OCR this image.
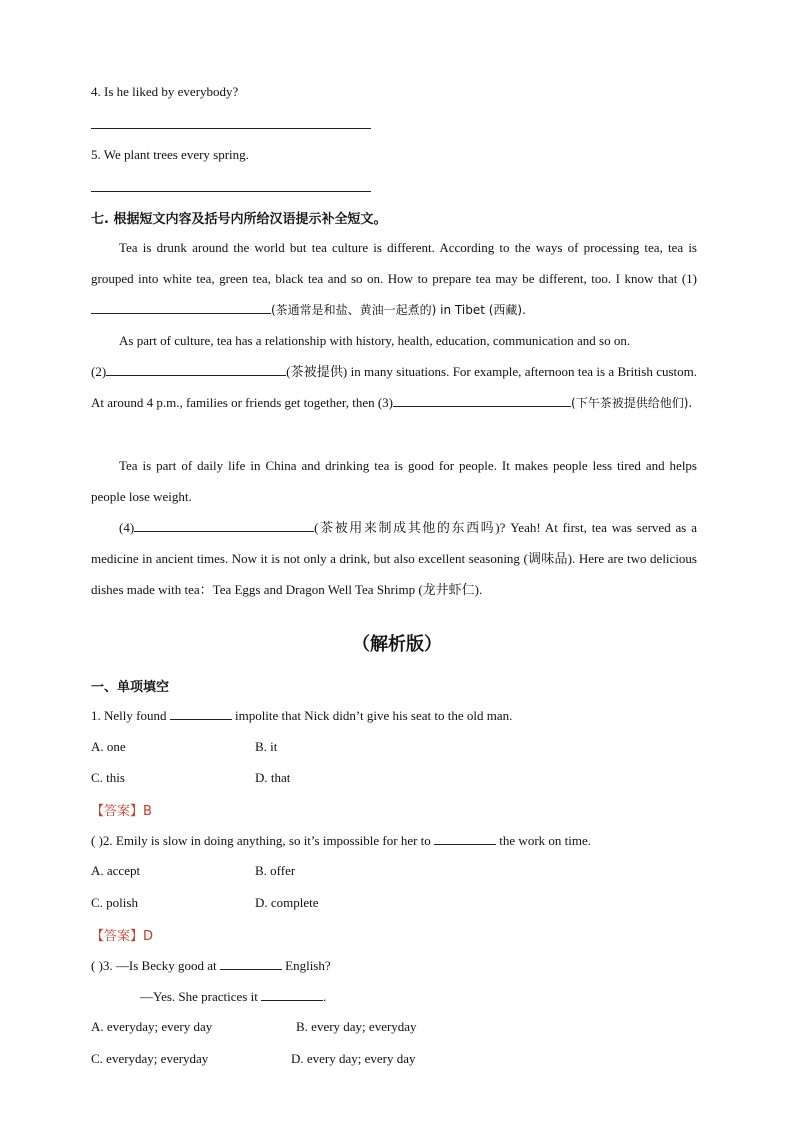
4. Is he liked by everybody?
5. We plant trees every spring.
七. 根据短文内容及括号内所给汉语提示补全短文。
Tea is drunk around the world but tea culture is different. According to the ways of processing tea, tea is grouped into white tea, green tea, black tea and so on. How to prepare tea may be different, too. I know that (1)(茶通常是和盐、黄油一起煮的) in Tibet (西藏).
As part of culture, tea has a relationship with history, health, education, communication and so on.
(2)	(茶被提供) in many situations. For example, afternoon tea is a British custom. At around 4 p.m., families or friends get together, then (3)	(下午茶被提供给他们).
Tea is part of daily life in China and drinking tea is good for people. It makes people less tired and helps people lose weight.
(4)	(茶被用来制成其他的东西吗)? Yeah! At first, tea was served as a medicine in ancient times. Now it is not only a drink, but also excellent seasoning (调味品). Here are two delicious dishes made with tea：Tea Eggs and Dragon Well Tea Shrimp (龙井虾仁).
（解析版）
一、单项填空
1. Nelly found	impolite that Nick didn’t give his seat to the old man.
A. one	B. it
C. this	D. that
【答案】B
( )2. Emily is slow in doing anything, so it’s impossible for her to	the work on time.
A. accept	B. offer
C. polish	D. complete
【答案】D
( )3. —Is Becky good at	English?
—Yes. She practices it	.
A. everyday; every day	B. every day; everyday
C. everyday; everyday	D. every day; every day
